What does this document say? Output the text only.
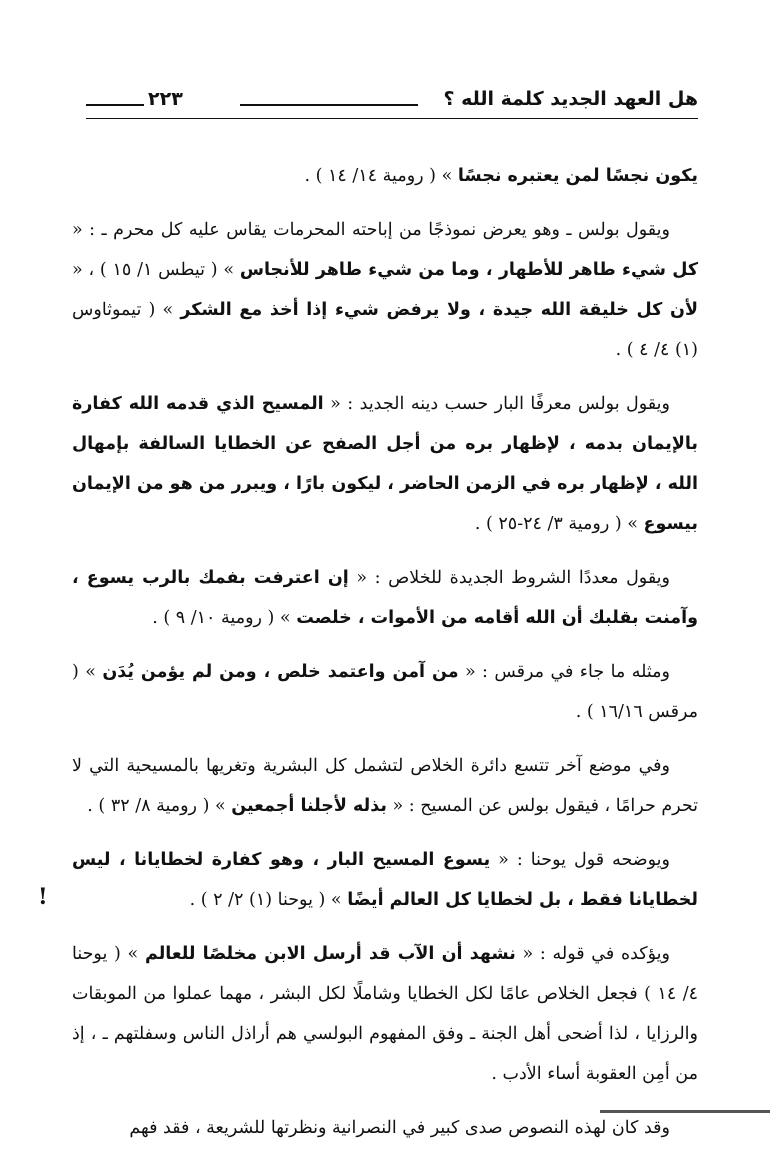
هل العهد الجديد كلمة الله ؟
٢٢٣

يكون نجسًا لمن يعتبره نجسًا » ( رومية ١٤/ ١٤ ) .

ويقول بولس ـ وهو يعرض نموذجًا من إباحته المحرمات يقاس عليه كل محرم ـ : « كل شيء طاهر للأطهار ، وما من شيء طاهر للأنجاس » ( تيطس ١/ ١٥ ) ، « لأن كل خليقة الله جيدة ، ولا يرفض شيء إذا أخذ مع الشكر » ( تيموثاوس (١) ٤/ ٤ ) .

ويقول بولس معرفًا البار حسب دينه الجديد : « المسيح الذي قدمه الله كفارة بالإيمان بدمه ، لإظهار بره من أجل الصفح عن الخطايا السالفة بإمهال الله ، لإظهار بره في الزمن الحاضر ، ليكون بارًا ، ويبرر من هو من الإيمان بيسوع » ( رومية ٣/ ٢٤-٢٥ ) .

ويقول معددًا الشروط الجديدة للخلاص : « إن اعترفت بفمك بالرب يسوع ، وآمنت بقلبك أن الله أقامه من الأموات ، خلصت » ( رومية ١٠/ ٩ ) .

ومثله ما جاء في مرقس : « من آمن واعتمد خلص ، ومن لم يؤمن يُدَن » ( مرقس ١٦/١٦ ) .

وفي موضع آخر تتسع دائرة الخلاص لتشمل كل البشرية وتغريها بالمسيحية التي لا تحرم حرامًا ، فيقول بولس عن المسيح : « بذله لأجلنا أجمعين » ( رومية ٨/ ٣٢ ) .

ويوضحه قول يوحنا : « يسوع المسيح البار ، وهو كفارة لخطايانا ، ليس لخطايانا فقط ، بل لخطايا كل العالم أيضًا » ( يوحنا (١) ٢/ ٢ ) .

ويؤكده في قوله : « نشهد أن الآب قد أرسل الابن مخلصًا للعالم » ( يوحنا ٤/ ١٤ ) فجعل الخلاص عامًا لكل الخطايا وشاملًا لكل البشر ، مهما عملوا من الموبقات والرزايا ، لذا أضحى أهل الجنة ـ وفق المفهوم البولسي هم أراذل الناس وسفلتهم ـ ، إذ من أمِن العقوبة أساء الأدب .

وقد كان لهذه النصوص صدى كبير في النصرانية ونظرتها للشريعة ، فقد فهم

!
